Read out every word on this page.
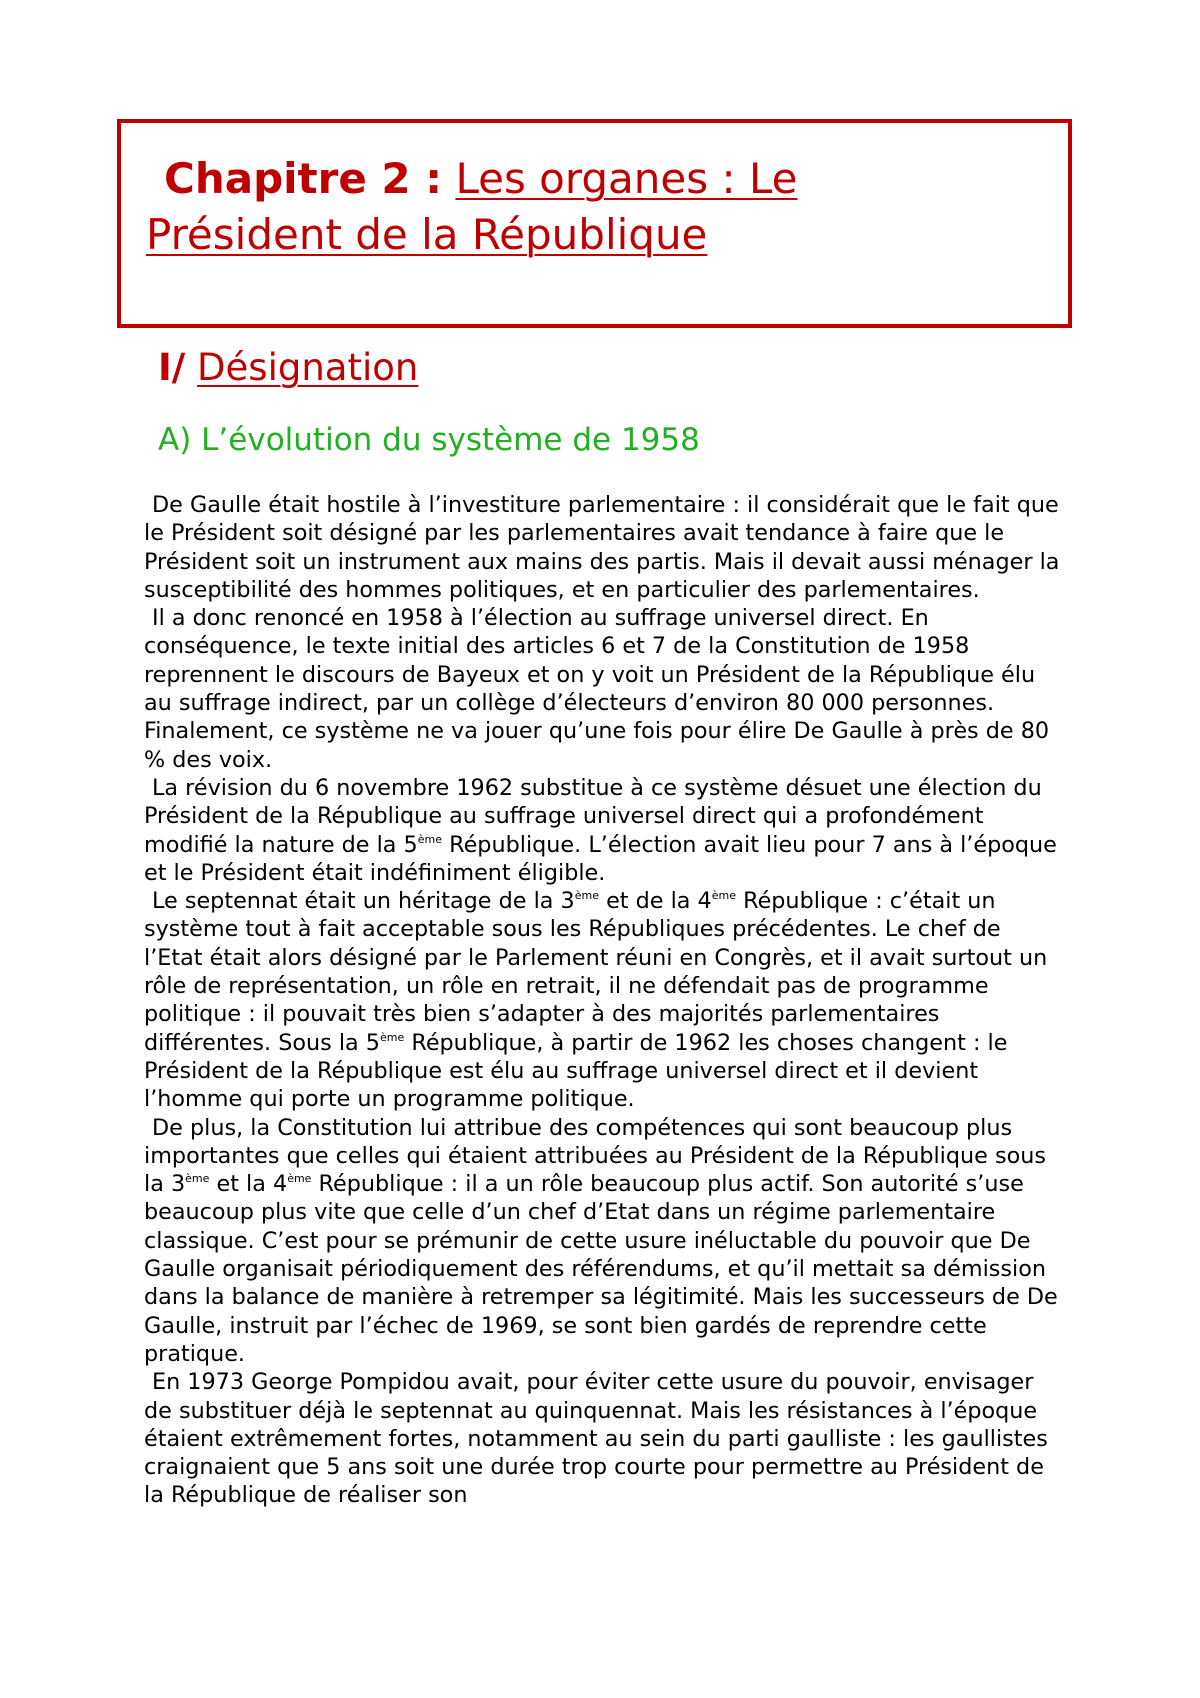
Chapitre 2 : Les organes : Le
Président de la République
I/ Désignation
A) L’évolution du système de 1958

De Gaulle était hostile à l’investiture parlementaire : il considérait que le fait que le Président soit désigné par les parlementaires avait tendance à faire que le Président soit un instrument aux mains des partis. Mais il devait aussi ménager la susceptibilité des hommes politiques, et en particulier des parlementaires.

Il a donc renoncé en 1958 à l’élection au suffrage universel direct. En conséquence, le texte initial des articles 6 et 7 de la Constitution de 1958 reprennent le discours de Bayeux et on y voit un Président de la République élu au suffrage indirect, par un collège d’électeurs d’environ 80 000 personnes. Finalement, ce système ne va jouer qu’une fois pour élire De Gaulle à près de 80 % des voix.

La révision du 6 novembre 1962 substitue à ce système désuet une élection du Président de la République au suffrage universel direct qui a profondément modifié la nature de la 5ème République. L’élection avait lieu pour 7 ans à l’époque et le Président était indéfiniment éligible.

Le septennat était un héritage de la 3ème et de la 4ème République : c’était un système tout à fait acceptable sous les Républiques précédentes. Le chef de l’Etat était alors désigné par le Parlement réuni en Congrès, et il avait surtout un rôle de représentation, un rôle en retrait, il ne défendait pas de programme politique : il pouvait très bien s’adapter à des majorités parlementaires différentes. Sous la 5ème République, à partir de 1962 les choses changent : le Président de la République est élu au suffrage universel direct et il devient l’homme qui porte un programme politique.

De plus, la Constitution lui attribue des compétences qui sont beaucoup plus importantes que celles qui étaient attribuées au Président de la République sous la 3ème et la 4ème République : il a un rôle beaucoup plus actif. Son autorité s’use beaucoup plus vite que celle d’un chef d’Etat dans un régime parlementaire classique. C’est pour se prémunir de cette usure inéluctable du pouvoir que De Gaulle organisait périodiquement des référendums, et qu’il mettait sa démission dans la balance de manière à retremper sa légitimité. Mais les successeurs de De Gaulle, instruit par l’échec de 1969, se sont bien gardés de reprendre cette pratique.

En 1973 George Pompidou avait, pour éviter cette usure du pouvoir, envisager de substituer déjà le septennat au quinquennat. Mais les résistances à l’époque étaient extrêmement fortes, notamment au sein du parti gaulliste : les gaullistes craignaient que 5 ans soit une durée trop courte pour permettre au Président de la République de réaliser son
